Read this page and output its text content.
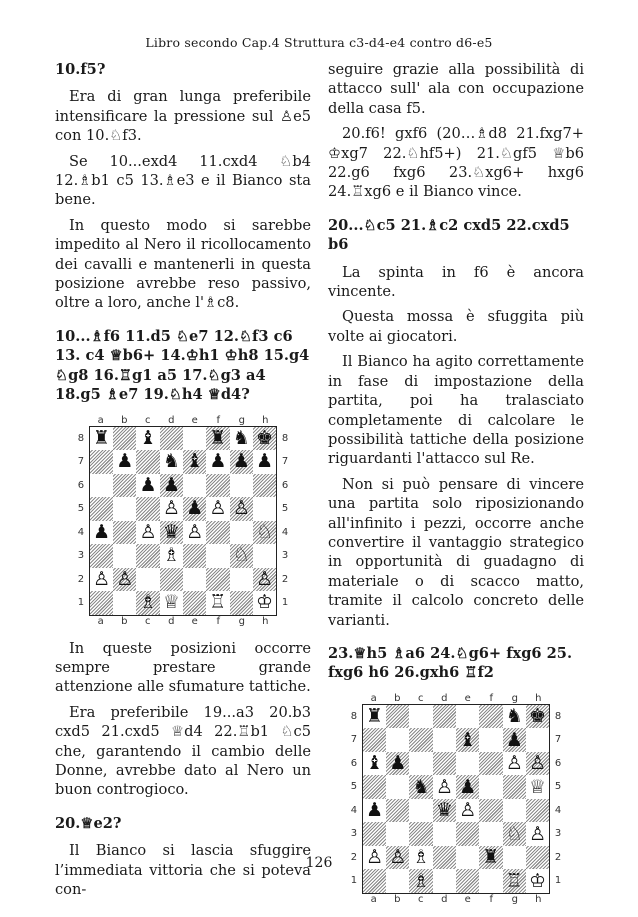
Libro secondo Cap.4 Struttura c3-d4-e4 contro d6-e5

10.f5?

Era di gran lunga preferibile intensificare la pressione sul ♙e5 con 10.♘f3.

Se 10...exd4 11.cxd4 ♘b4 12.♗b1 c5 13.♗e3 e il Bianco sta bene.

In questo modo si sarebbe impedito al Nero il ricollocamento dei cavalli e mantenerli in questa posizione avrebbe reso passivo, oltre a loro, anche l'♗c8.

10...♗f6 11.d5 ♘e7 12.♘f3 c6 13. c4 ♕b6+ 14.♔h1 ♔h8 15.g4 ♘g8 16.♖g1 a5 17.♘g3 a4 18.g5 ♗e7 19.♘h4 ♕d4?

a	b	c	d	e	f	g	h
8
7
6
5
4
3
2
1
♜ ♝	♜ ♞ ♚
♟ ♞ ♝ ♟ ♟ ♟
♟ ♟
♙ ♟ ♙ ♙
♟ ♙ ♛ ♙	♘
♗	♘
♙ ♙	♙
♗ ♕ ♖ ♔
8
7
6
5
4
3
2
1
a	b	c	d	e	f	g	h

In queste posizioni occorre sempre prestare grande attenzione alle sfumature tattiche.

Era preferibile 19...a3 20.b3 cxd5 21.cxd5 ♕d4 22.♖b1 ♘c5 che, garantendo il cambio delle Donne, avrebbe dato al Nero un buon controgioco.

20.♕e2?

Il Bianco si lascia sfuggire l’immediata vittoria che si poteva con-

seguire grazie alla possibilità di attacco sull' ala con occupazione della casa f5.

20.f6! gxf6 (20…♗d8 21.fxg7+ ♔xg7 22.♘hf5+) 21.♘gf5 ♕b6 22.g6 fxg6 23.♘xg6+ hxg6 24.♖xg6 e il Bianco vince.

20...♘c5 21.♗c2 cxd5 22.cxd5 b6

La spinta in f6 è ancora vincente.

Questa mossa è sfuggita più volte ai giocatori.

Il Bianco ha agito correttamente in fase di impostazione della partita, poi ha tralasciato completamente di calcolare le possibilità tattiche della posizione riguardanti l'attacco sul Re.

Non si può pensare di vincere una partita solo riposizionando all'infinito i pezzi, occorre anche convertire il vantaggio strategico in opportunità di guadagno di materiale o di scacco matto, tramite il calcolo concreto delle varianti.

23.♕h5 ♗a6 24.♘g6+ fxg6 25. fxg6 h6 26.gxh6 ♖f2

a	b	c	d	e	f	g	h
8
7
6
5
4
3
2
1
♜	♞ ♚
♝ ♟
♝ ♟	♙ ♙
♞ ♙ ♟	♕
♟	♛ ♙
♘ ♙
♙ ♙ ♗	♜
♗	♖ ♔
8
7
6
5
4
3
2
1
a	b	c	d	e	f	g	h
126
